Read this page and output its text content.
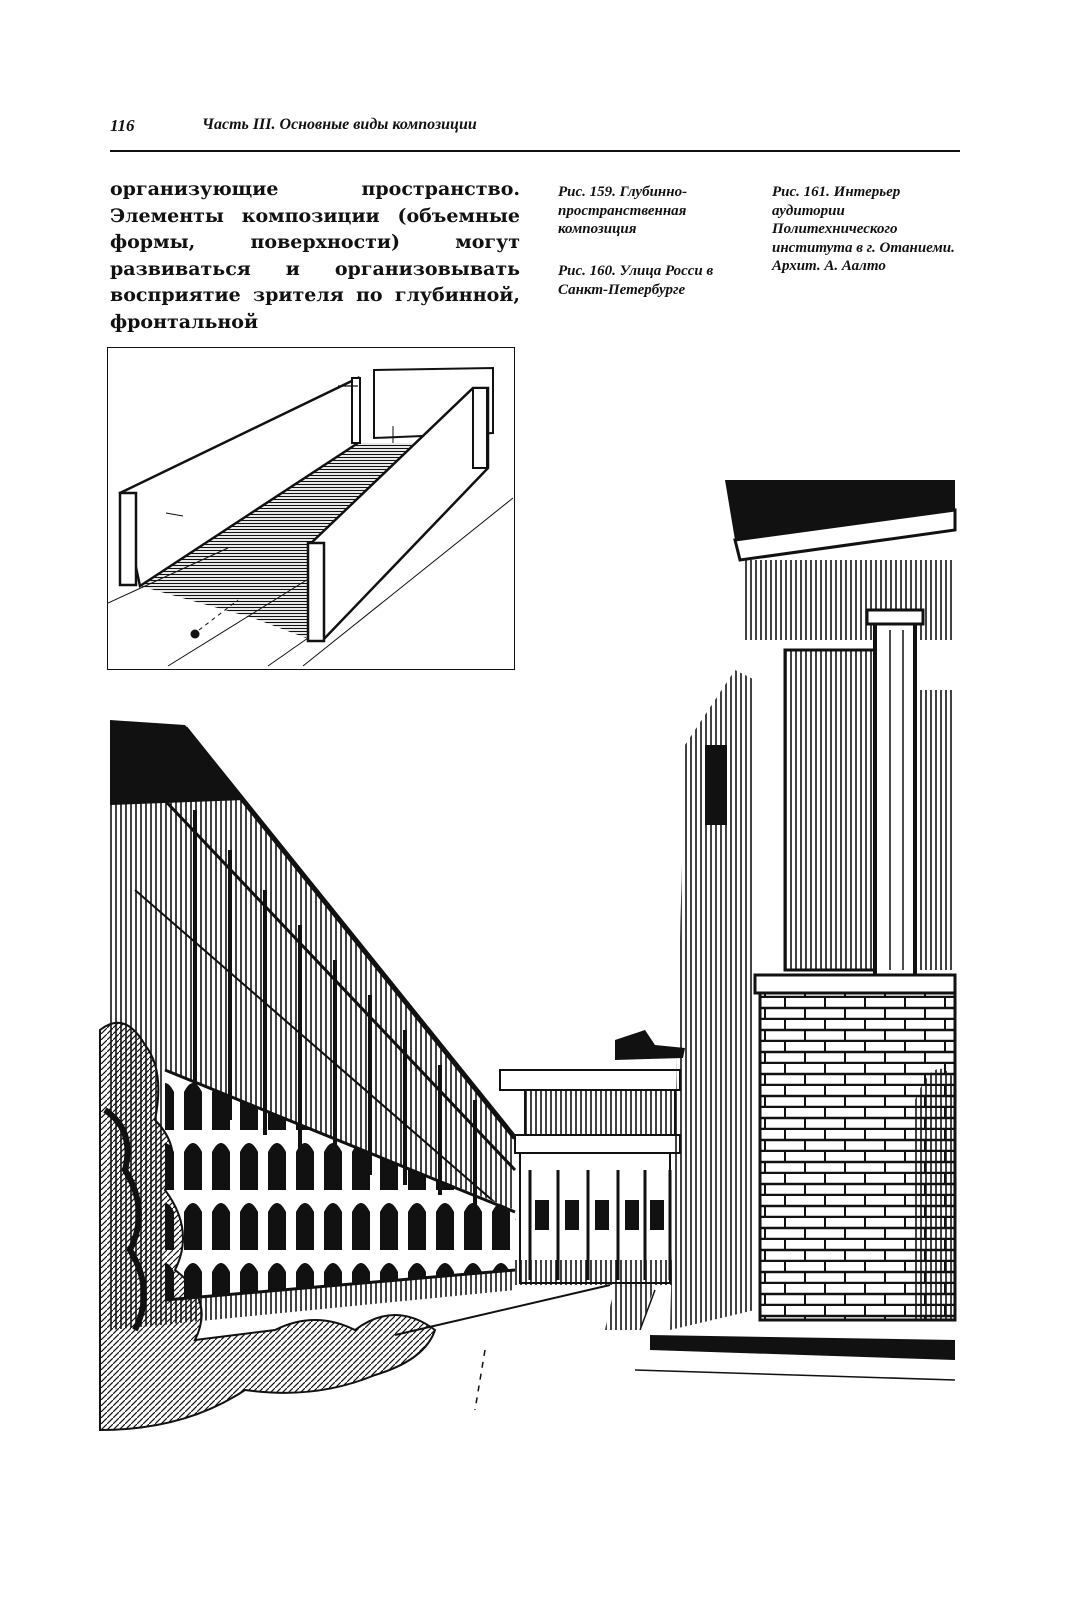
116	Часть III. Основные виды композиции

организующие пространство. Элементы композиции (объемные формы, поверхности) могут развиваться и организовывать восприятие зрителя по глубинной, фронтальной

Рис. 159. Глубинно-пространственная композиция

Рис. 160. Улица Росси в Санкт-Петербурге

Рис. 161. Интерьер аудитории Политехнического института в г. Отаниеми. Архит. А. Аалто
